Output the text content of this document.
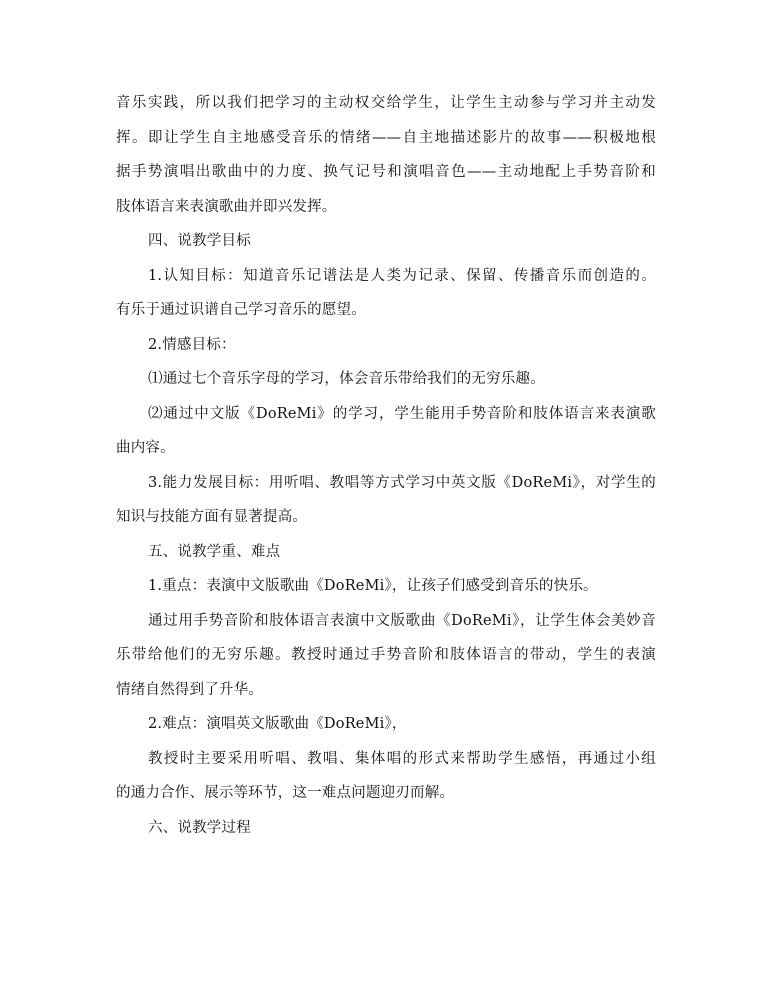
音乐实践，所以我们把学习的主动权交给学生，让学生主动参与学习并主动发
挥。即让学生自主地感受音乐的情绪——自主地描述影片的故事——积极地根
据手势演唱出歌曲中的力度、换气记号和演唱音色——主动地配上手势音阶和
肢体语言来表演歌曲并即兴发挥。
四、说教学目标
1.认知目标：知道音乐记谱法是人类为记录、保留、传播音乐而创造的。
有乐于通过识谱自己学习音乐的愿望。
2.情感目标：
⑴通过七个音乐字母的学习，体会音乐带给我们的无穷乐趣。
⑵通过中文版《DoReMi》的学习，学生能用手势音阶和肢体语言来表演歌
曲内容。
3.能力发展目标：用听唱、教唱等方式学习中英文版《DoReMi》，对学生的
知识与技能方面有显著提高。
五、说教学重、难点
1.重点：表演中文版歌曲《DoReMi》，让孩子们感受到音乐的快乐。
通过用手势音阶和肢体语言表演中文版歌曲《DoReMi》，让学生体会美妙音
乐带给他们的无穷乐趣。教授时通过手势音阶和肢体语言的带动，学生的表演
情绪自然得到了升华。
2.难点：演唱英文版歌曲《DoReMi》，
教授时主要采用听唱、教唱、集体唱的形式来帮助学生感悟，再通过小组
的通力合作、展示等环节，这一难点问题迎刃而解。
六、说教学过程
